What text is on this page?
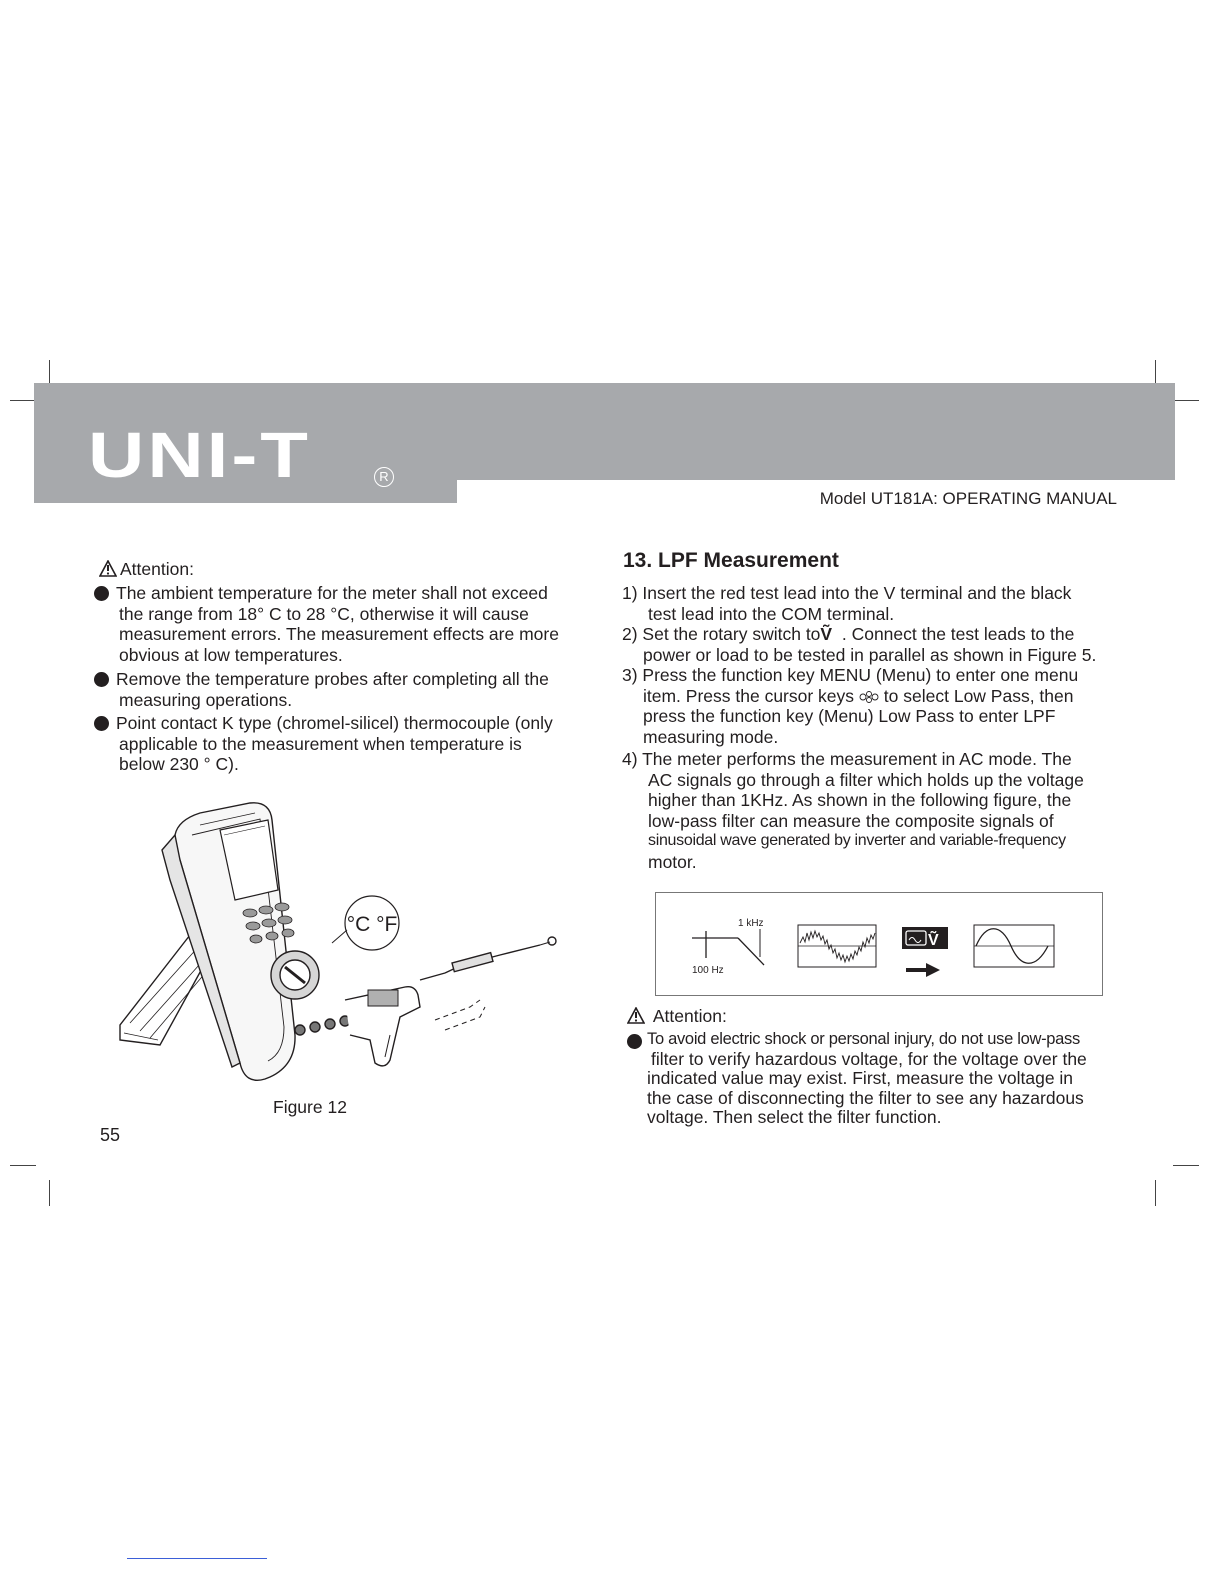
UNI-T	R
Model UT181A: OPERATING MANUAL
Attention:
The ambient temperature for the meter shall not exceed
the range from 18° C to 28 °C, otherwise it will cause
measurement errors. The measurement effects are more
obvious at low temperatures.
Remove the temperature probes after completing all the
measuring operations.
Point contact K type (chromel-silicel) thermocouple (only
applicable to the measurement when temperature is
below 230 ° C).
°C °F
Figure 12
55
13. LPF Measurement
1) Insert the red test lead into the V terminal and the black
test lead into the COM terminal.
2) Set the rotary switch toṼ . Connect the test leads to the
power or load to be tested in parallel as shown in Figure 5.
3) Press the function key MENU (Menu) to enter one menu
item. Press the cursor keys to select Low Pass, then
press the function key (Menu) Low Pass to enter LPF
measuring mode.
4) The meter performs the measurement in AC mode. The
AC signals go through a filter which holds up the voltage
higher than 1KHz. As shown in the following figure, the
low-pass filter can measure the composite signals of
sinusoidal wave generated by inverter and variable-frequency
motor.
1 kHz
100 Hz
Ṽ
Attention:
To avoid electric shock or personal injury, do not use low-pass
filter to verify hazardous voltage, for the voltage over the
indicated value may exist. First, measure the voltage in
the case of disconnecting the filter to see any hazardous
voltage. Then select the filter function.
